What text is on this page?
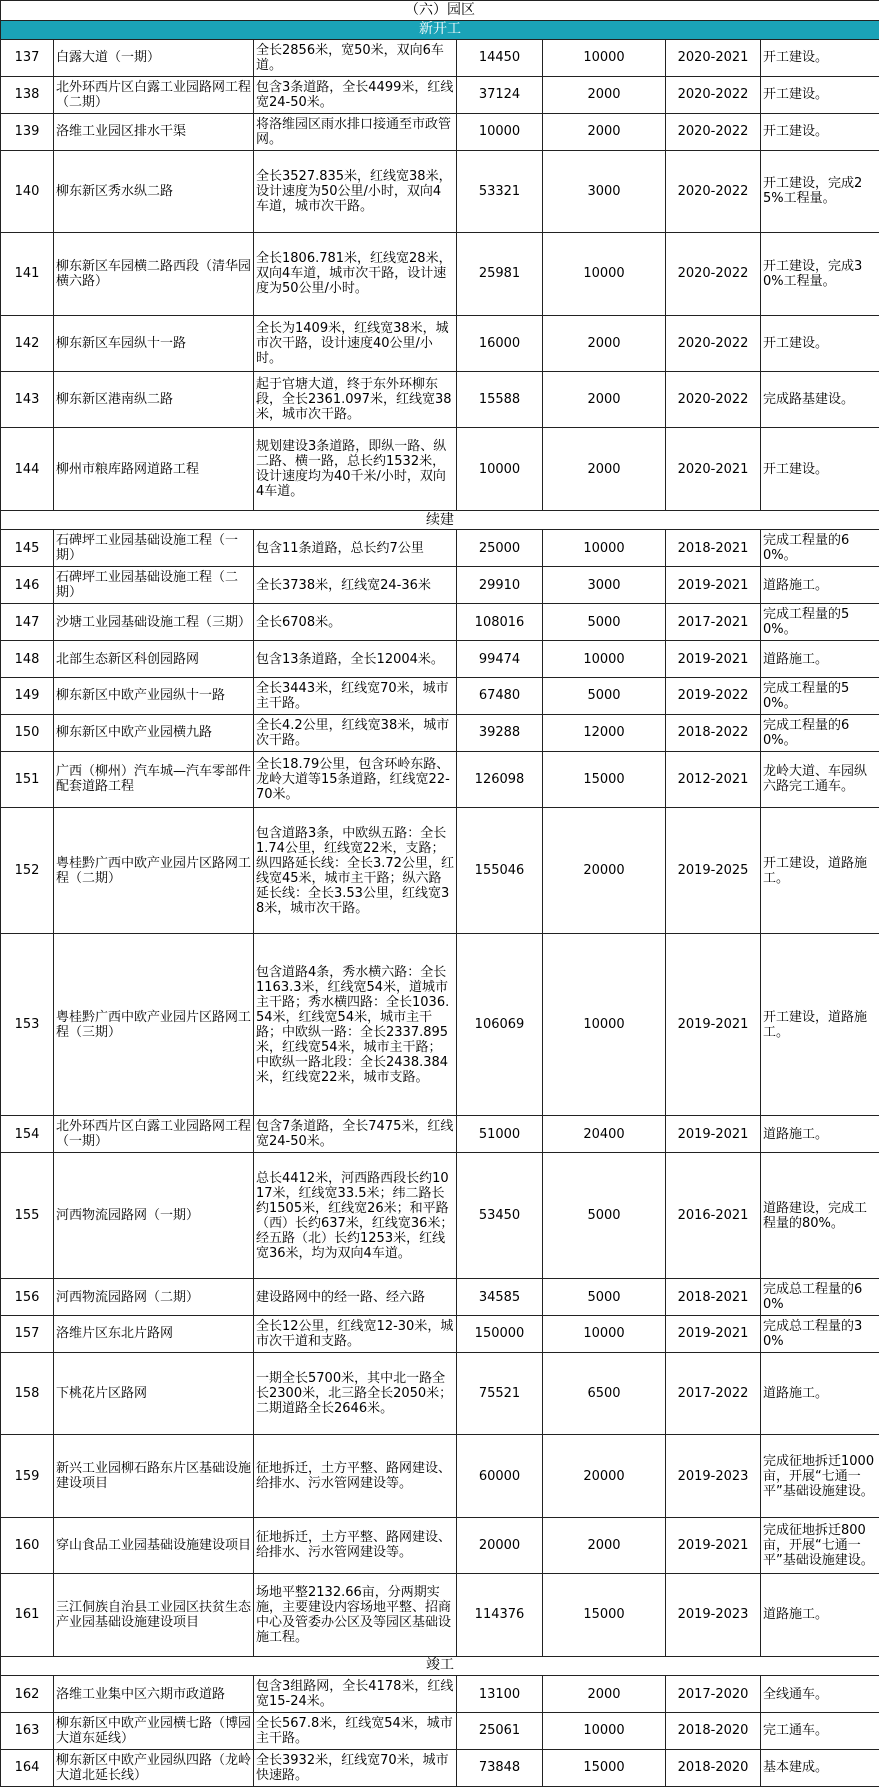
（六）园区						
新开工						
137	白露大道（一期）	全长2856米，宽50米，双向6车道。	14450	10000	2020-2021	开工建设。
138	北外环西片区白露工业园路网工程（二期）	包含3条道路，全长4499米，红线宽24-50米。	37124	2000	2020-2022	开工建设。
139	洛维工业园区排水干渠	将洛维园区雨水排口接通至市政管网。	10000	2000	2020-2022	开工建设。
140	柳东新区秀水纵二路	全长3527.835米，红线宽38米，设计速度为50公里/小时，双向4车道，城市次干路。	53321	3000	2020-2022	开工建设，完成25%工程量。
141	柳东新区车园横二路西段（清华园横六路）	全长1806.781米，红线宽28米，双向4车道，城市次干路，设计速度为50公里/小时。	25981	10000	2020-2022	开工建设，完成30%工程量。
142	柳东新区车园纵十一路	全长为1409米，红线宽38米，城市次干路，设计速度40公里/小时。	16000	2000	2020-2022	开工建设。
143	柳东新区港南纵二路	起于官塘大道，终于东外环柳东段，全长2361.097米，红线宽38米，城市次干路。	15588	2000	2020-2022	完成路基建设。
144	柳州市粮库路网道路工程	规划建设3条道路，即纵一路、纵二路、横一路，总长约1532米，设计速度均为40千米/小时，双向4车道。	10000	2000	2020-2021	开工建设。
续建						
145	石碑坪工业园基础设施工程（一期）	包含11条道路，总长约7公里	25000	10000	2018-2021	完成工程量的60%。
146	石碑坪工业园基础设施工程（二期）	全长3738米，红线宽24-36米	29910	3000	2019-2021	道路施工。
147	沙塘工业园基础设施工程（三期）	全长6708米。	108016	5000	2017-2021	完成工程量的50%。
148	北部生态新区科创园路网	包含13条道路，全长12004米。	99474	10000	2019-2021	道路施工。
149	柳东新区中欧产业园纵十一路	全长3443米，红线宽70米，城市主干路。	67480	5000	2019-2022	完成工程量的50%。
150	柳东新区中欧产业园横九路	全长4.2公里，红线宽38米，城市次干路。	39288	12000	2018-2022	完成工程量的60%。
151	广西（柳州）汽车城—汽车零部件配套道路工程	全长18.79公里，包含环岭东路、龙岭大道等15条道路，红线宽22-70米。	126098	15000	2012-2021	龙岭大道、车园纵六路完工通车。
152	粤桂黔广西中欧产业园片区路网工程（二期）	包含道路3条，中欧纵五路：全长1.74公里，红线宽22米，支路；纵四路延长线：全长3.72公里，红线宽45米，城市主干路；纵六路延长线：全长3.53公里，红线宽38米，城市次干路。	155046	20000	2019-2025	开工建设，道路施工。
153	粤桂黔广西中欧产业园片区路网工程（三期）	包含道路4条，秀水横六路：全长1163.3米，红线宽54米，道城市主干路；秀水横四路：全长1036.54米，红线宽54米，城市主干路；中欧纵一路：全长2337.895米，红线宽54米，城市主干路；中欧纵一路北段：全长2438.384米，红线宽22米，城市支路。	106069	10000	2019-2021	开工建设，道路施工。
154	北外环西片区白露工业园路网工程（一期）	包含7条道路，全长7475米，红线宽24-50米。	51000	20400	2019-2021	道路施工。
155	河西物流园路网（一期）	总长4412米，河西路西段长约1017米，红线宽33.5米；纬二路长约1505米，红线宽26米；和平路（西）长约637米，红线宽36米；经五路（北）长约1253米，红线宽36米，均为双向4车道。	53450	5000	2016-2021	道路建设，完成工程量的80%。
156	河西物流园路网（二期）	建设路网中的经一路、经六路	34585	5000	2018-2021	完成总工程量的60%
157	洛维片区东北片路网	全长12公里，红线宽12-30米，城市次干道和支路。	150000	10000	2019-2021	完成总工程量的30%
158	下桃花片区路网	一期全长5700米，其中北一路全长2300米，北三路全长2050米；二期道路全长2646米。	75521	6500	2017-2022	道路施工。
159	新兴工业园柳石路东片区基础设施建设项目	征地拆迁，土方平整、路网建设、给排水、污水管网建设等。	60000	20000	2019-2023	完成征地拆迁1000亩，开展“七通一平”基础设施建设。
160	穿山食品工业园基础设施建设项目	征地拆迁，土方平整、路网建设、给排水、污水管网建设等。	20000	2000	2019-2021	完成征地拆迁800亩，开展“七通一平”基础设施建设。
161	三江侗族自治县工业园区扶贫生态产业园基础设施建设项目	场地平整2132.66亩，分两期实施，主要建设内容场地平整、招商中心及管委办公区及等园区基础设施工程。	114376	15000	2019-2023	道路施工。
竣工						
162	洛维工业集中区六期市政道路	包含3组路网，全长4178米，红线宽15-24米。	13100	2000	2017-2020	全线通车。
163	柳东新区中欧产业园横七路（博园大道东延线）	全长567.8米，红线宽54米，城市主干路。	25061	10000	2018-2020	完工通车。
164	柳东新区中欧产业园纵四路（龙岭大道北延长线）	全长3932米，红线宽70米，城市快速路。	73848	15000	2018-2020	基本建成。
